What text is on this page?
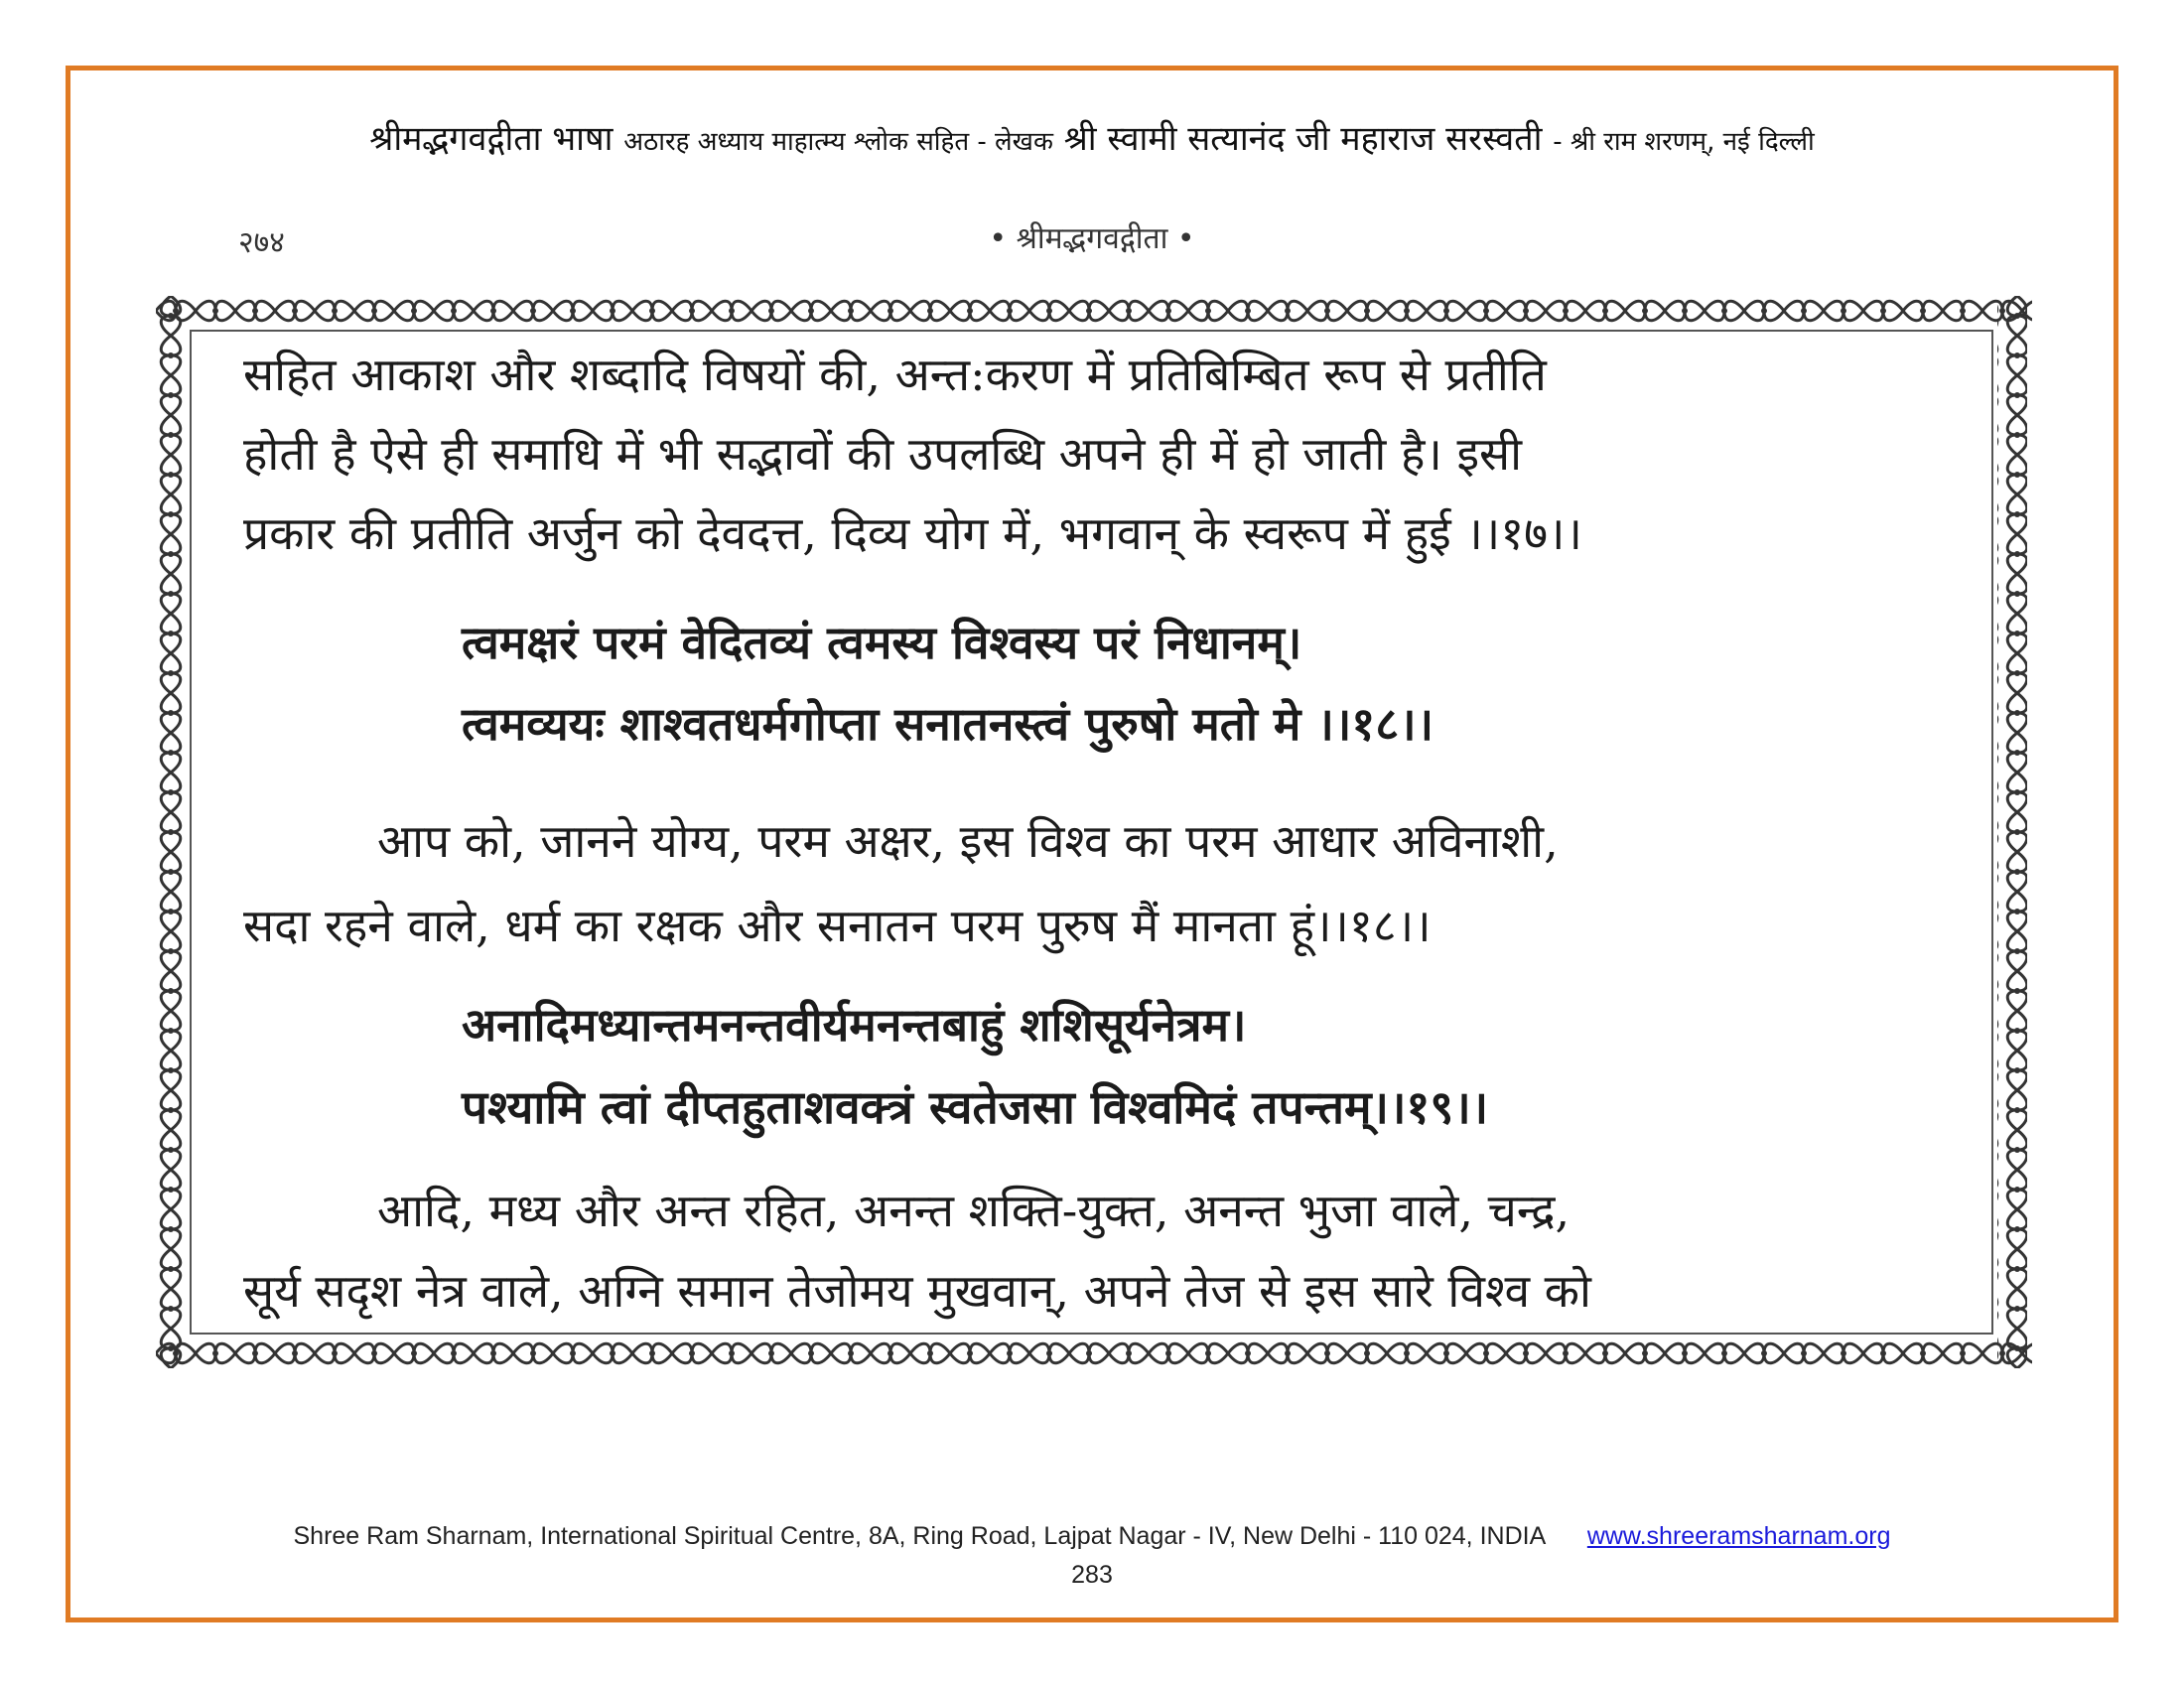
श्रीमद्भगवद्गीता भाषा अठारह अध्याय माहात्म्य श्लोक सहित - लेखक श्री स्वामी सत्यानंद जी महाराज सरस्वती - श्री राम शरणम्, नई दिल्ली
२७४	• श्रीमद्भगवद्गीता •
सहित आकाश और शब्दादि विषयों की, अन्त:करण में प्रतिबिम्बित रूप से प्रतीति
होती है ऐसे ही समाधि में भी सद्भावों की उपलब्धि अपने ही में हो जाती है। इसी
प्रकार की प्रतीति अर्जुन को देवदत्त, दिव्य योग में, भगवान् के स्वरूप में हुई ।।१७।।
त्वमक्षरं परमं वेदितव्यं त्वमस्य विश्वस्य परं निधानम्।
त्वमव्ययः शाश्वतधर्मगोप्ता सनातनस्त्वं पुरुषो मतो मे ।।१८।।
आप को, जानने योग्य, परम अक्षर, इस विश्व का परम आधार अविनाशी,
सदा रहने वाले, धर्म का रक्षक और सनातन परम पुरुष मैं मानता हूं।।१८।।
अनादिमध्यान्तमनन्तवीर्यमनन्तबाहुं शशिसूर्यनेत्रम।
पश्यामि त्वां दीप्तहुताशवक्त्रं स्वतेजसा विश्वमिदं तपन्तम्।।१९।।
आदि, मध्य और अन्त रहित, अनन्त शक्ति-युक्त, अनन्त भुजा वाले, चन्द्र,
सूर्य सदृश नेत्र वाले, अग्नि समान तेजोमय मुखवान्, अपने तेज से इस सारे विश्व को
Shree Ram Sharnam, International Spiritual Centre, 8A, Ring Road, Lajpat Nagar - IV, New Delhi - 110 024, INDIA www.shreeramsharnam.org
283
